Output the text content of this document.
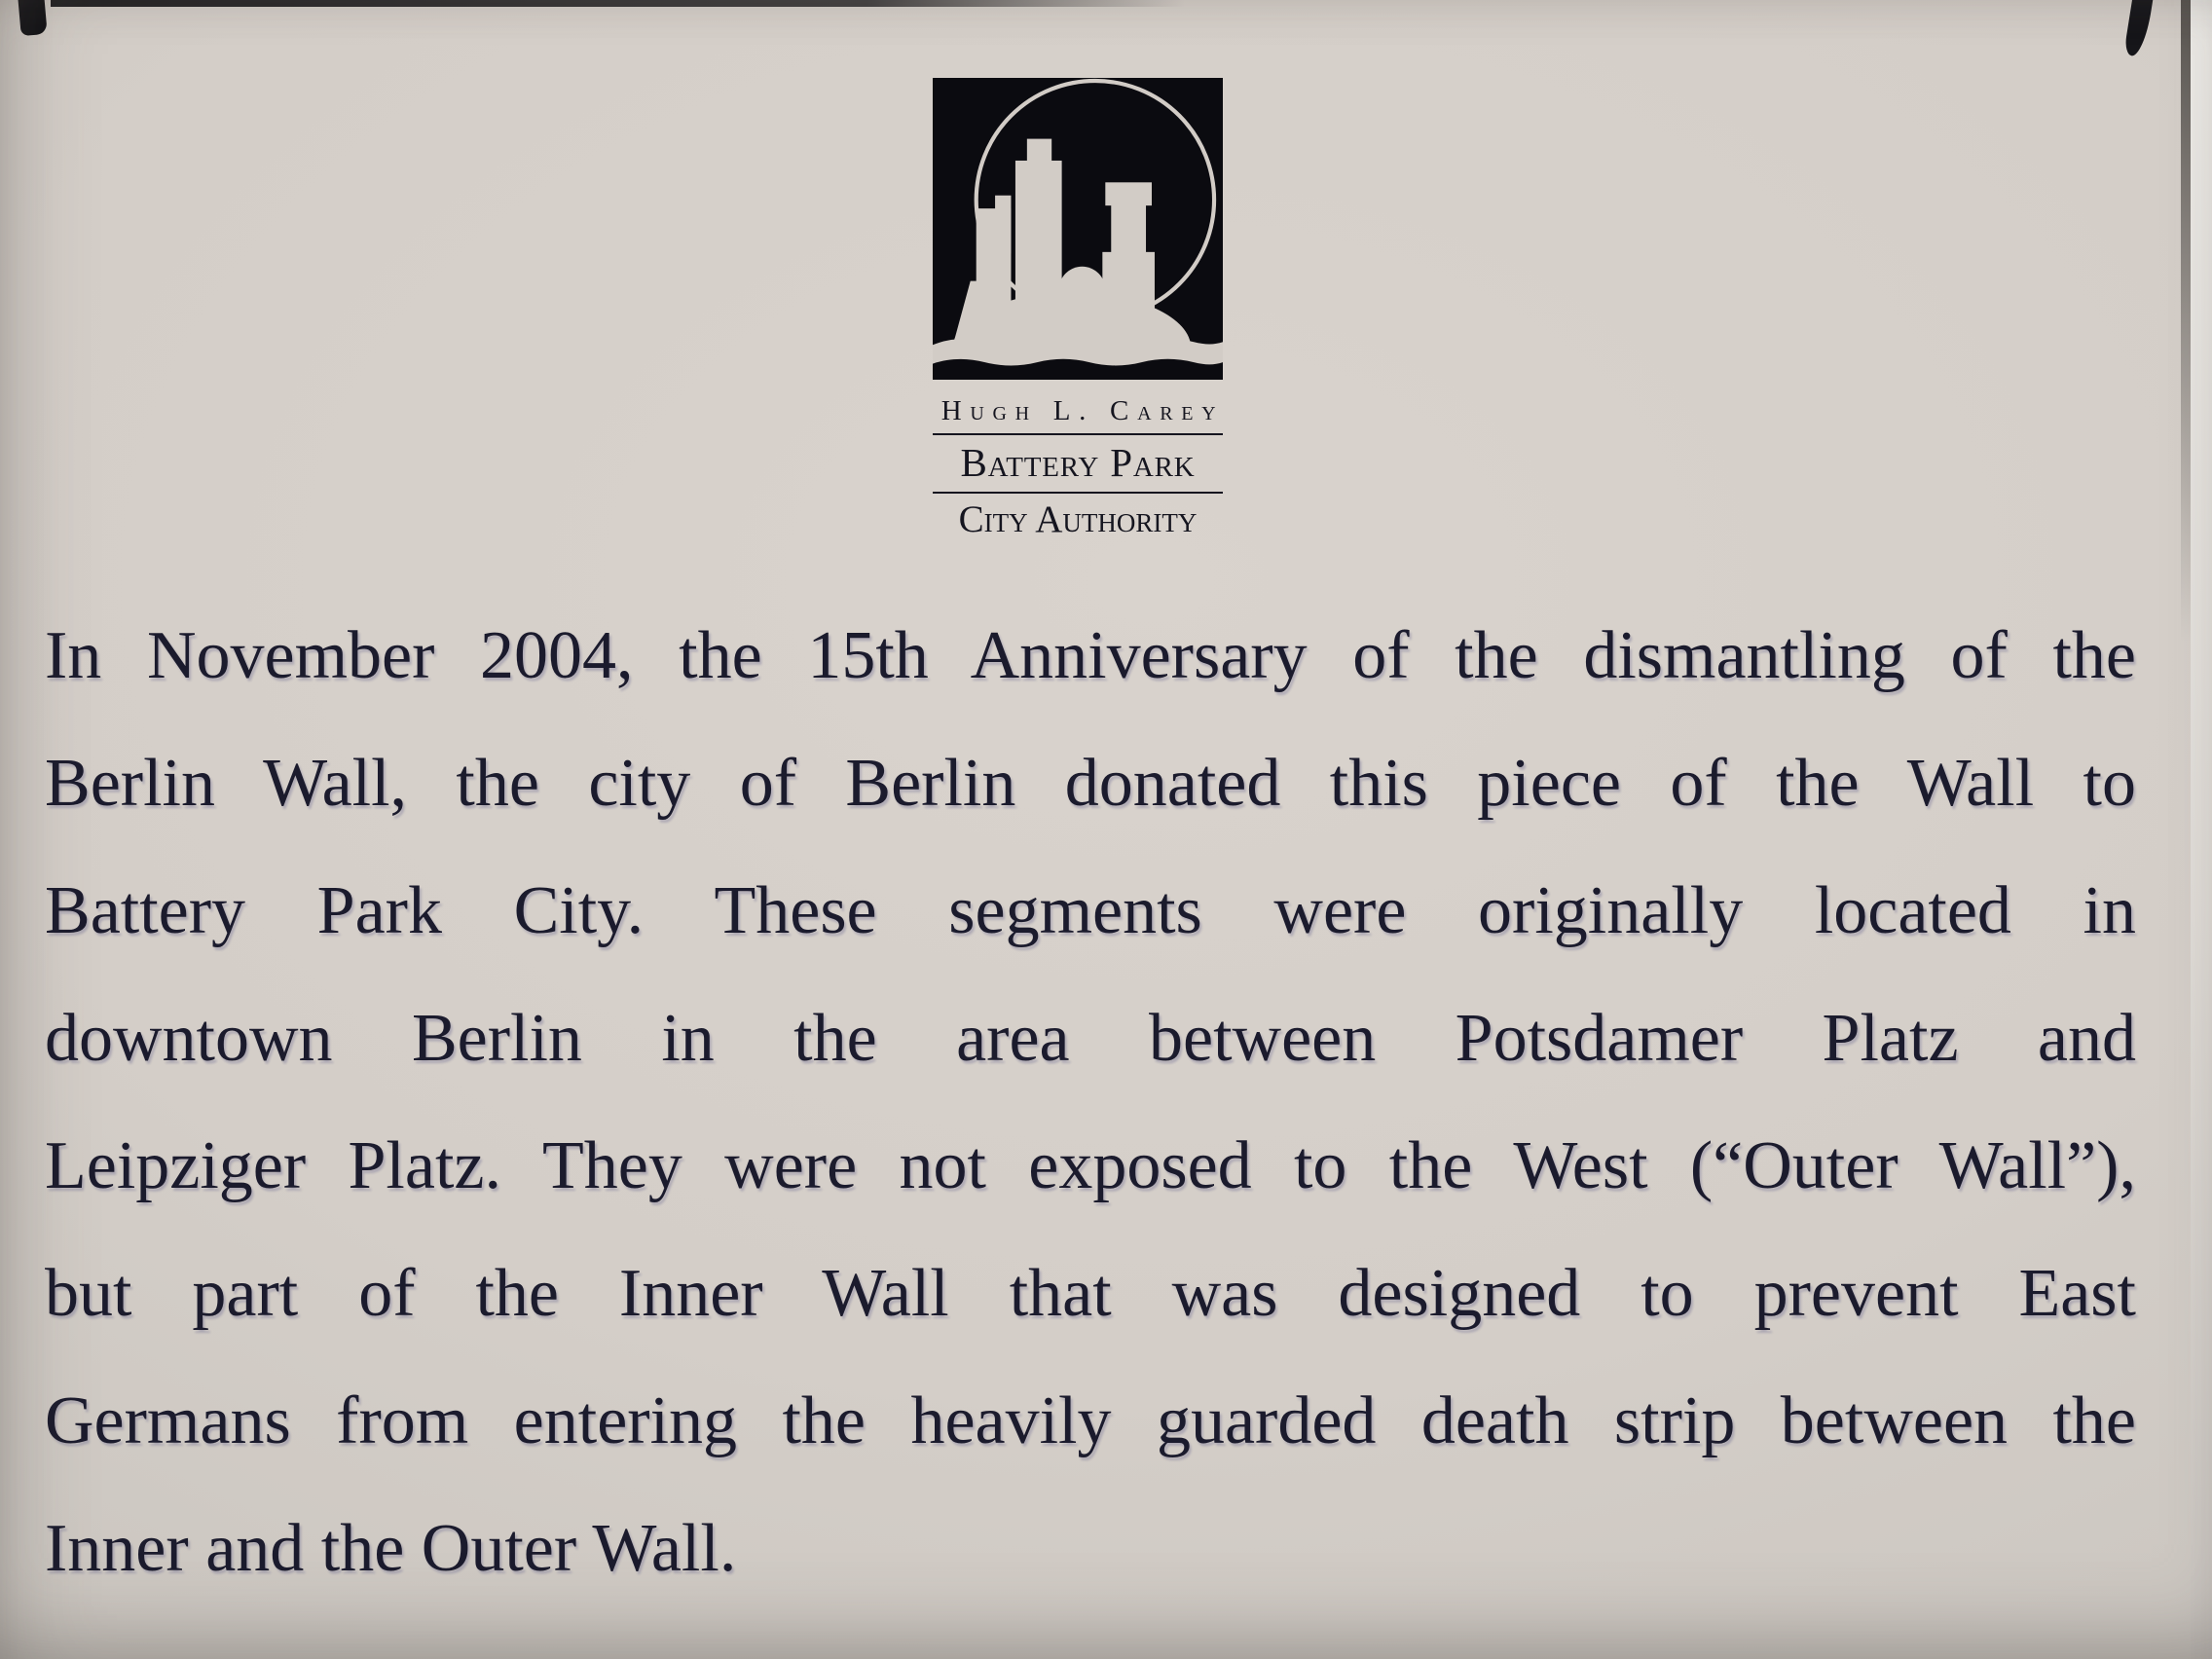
Hugh L. Carey
Battery Park
City Authority
In November 2004, the 15th Anniversary of the dismantling of the
Berlin Wall, the city of Berlin donated this piece of the Wall to
Battery Park City. These segments were originally located in
downtown Berlin in the area between Potsdamer Platz and
Leipziger Platz. They were not exposed to the West (“Outer Wall”),
but part of the Inner Wall that was designed to prevent East
Germans from entering the heavily guarded death strip between the
Inner and the Outer Wall.
